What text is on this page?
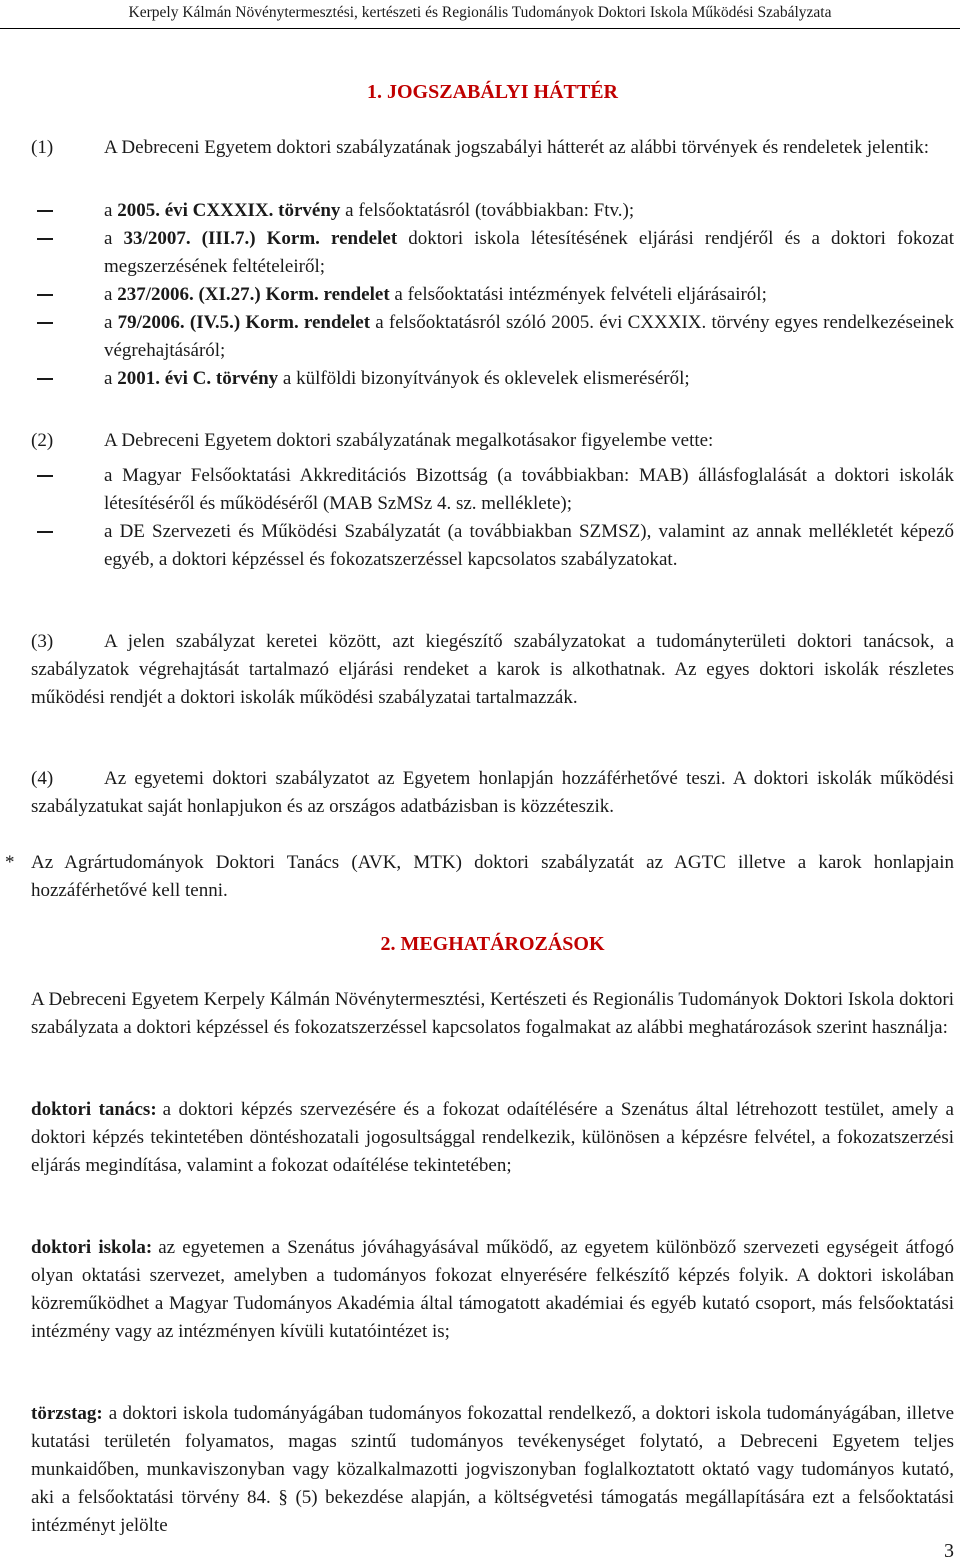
Kerpely Kálmán Növénytermesztési, kertészeti és Regionális Tudományok Doktori Iskola Működési Szabályzata
1. JOGSZABÁLYI HÁTTÉR
(1)	A Debreceni Egyetem doktori szabályzatának jogszabályi hátterét az alábbi törvények és rendeletek jelentik:
a 2005. évi CXXXIX. törvény a felsőoktatásról (továbbiakban: Ftv.);
a 33/2007. (III.7.) Korm. rendelet doktori iskola létesítésének eljárási rendjéről és a doktori fokozat megszerzésének feltételeiről;
a 237/2006. (XI.27.) Korm. rendelet a felsőoktatási intézmények felvételi eljárásairól;
a 79/2006. (IV.5.) Korm. rendelet a felsőoktatásról szóló 2005. évi CXXXIX. törvény egyes rendelkezéseinek végrehajtásáról;
a 2001. évi C. törvény a külföldi bizonyítványok és oklevelek elismeréséről;
(2)	A Debreceni Egyetem doktori szabályzatának megalkotásakor figyelembe vette:
a Magyar Felsőoktatási Akkreditációs Bizottság (a továbbiakban: MAB) állásfoglalását a doktori iskolák létesítéséről és működéséről (MAB SzMSz 4. sz. melléklete);
a DE Szervezeti és Működési Szabályzatát (a továbbiakban SZMSZ), valamint az annak mellékletét képező egyéb, a doktori képzéssel és fokozatszerzéssel kapcsolatos szabályzatokat.
(3)	A jelen szabályzat keretei között, azt kiegészítő szabályzatokat a tudományterületi doktori tanácsok, a szabályzatok végrehajtását tartalmazó eljárási rendeket a karok is alkothatnak. Az egyes doktori iskolák részletes működési rendjét a doktori iskolák működési szabályzatai tartalmazzák.
(4)	Az egyetemi doktori szabályzatot az Egyetem honlapján hozzáférhetővé teszi. A doktori iskolák működési szabályzatukat saját honlapjukon és az országos adatbázisban is közzéteszik.
* Az Agrártudományok Doktori Tanács (AVK, MTK) doktori szabályzatát az AGTC illetve a karok honlapjain hozzáférhetővé kell tenni.
2. MEGHATÁROZÁSOK
A Debreceni Egyetem Kerpely Kálmán Növénytermesztési, Kertészeti és Regionális Tudományok Doktori Iskola doktori szabályzata a doktori képzéssel és fokozatszerzéssel kapcsolatos fogalmakat az alábbi meghatározások szerint használja:
doktori tanács: a doktori képzés szervezésére és a fokozat odaítélésére a Szenátus által létrehozott testület, amely a doktori képzés tekintetében döntéshozatali jogosultsággal rendelkezik, különösen a képzésre felvétel, a fokozatszerzési eljárás megindítása, valamint a fokozat odaítélése tekintetében;
doktori iskola: az egyetemen a Szenátus jóváhagyásával működő, az egyetem különböző szervezeti egységeit átfogó olyan oktatási szervezet, amelyben a tudományos fokozat elnyerésére felkészítő képzés folyik. A doktori iskolában közreműködhet a Magyar Tudományos Akadémia által támogatott akadémiai és egyéb kutató csoport, más felsőoktatási intézmény vagy az intézményen kívüli kutatóintézet is;
törzstag: a doktori iskola tudományágában tudományos fokozattal rendelkező, a doktori iskola tudományágában, illetve kutatási területén folyamatos, magas szintű tudományos tevékenységet folytató, a Debreceni Egyetem teljes munkaidőben, munkaviszonyban vagy közalkalmazotti jogviszonyban foglalkoztatott oktató vagy tudományos kutató, aki a felsőoktatási törvény 84. § (5) bekezdése alapján, a költségvetési támogatás megállapítására ezt a felsőoktatási intézményt jelölte
3
